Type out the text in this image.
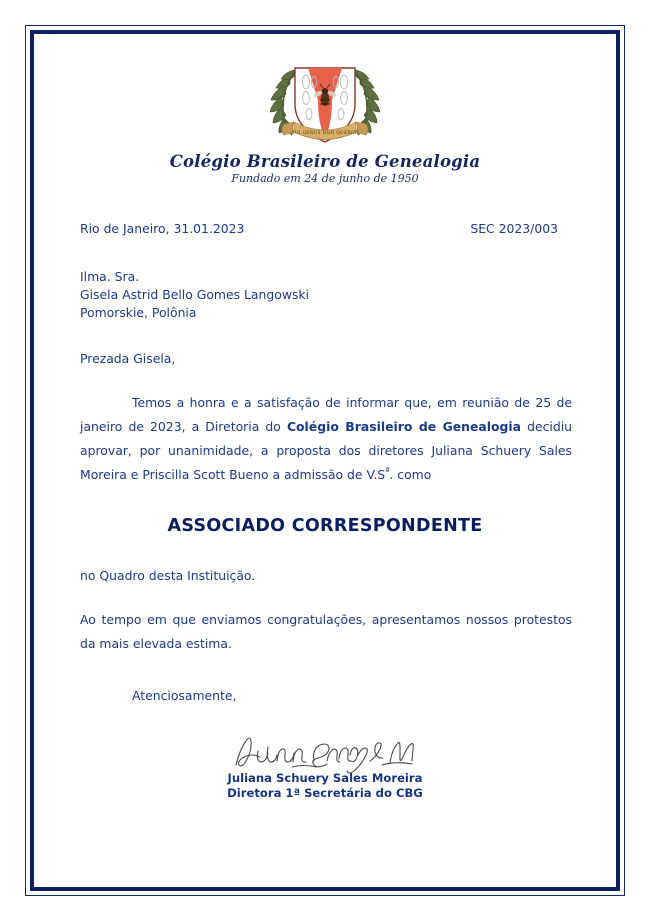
SUI GENUS NON QUEROR
Colégio Brasileiro de Genealogia
Fundado em 24 de junho de 1950
Rio de Janeiro, 31.01.2023	SEC 2023/003
Ilma. Sra.
Gisela Astrid Bello Gomes Langowski
Pomorskie, Polônia
Prezada Gisela,
Temos a honra e a satisfação de informar que, em reunião de 25 de janeiro de 2023, a Diretoria do Colégio Brasileiro de Genealogia decidiu aprovar, por unanimidade, a proposta dos diretores Juliana Schuery Sales Moreira e Priscilla Scott Bueno a admissão de $V.S^ª$. como
ASSOCIADO CORRESPONDENTE
no Quadro desta Instituição.
Ao tempo em que enviamos congratulações, apresentamos nossos protestos da mais elevada estima.
Atenciosamente,
Juliana Schuery Sales Moreira
Diretora 1ª Secretária do CBG
